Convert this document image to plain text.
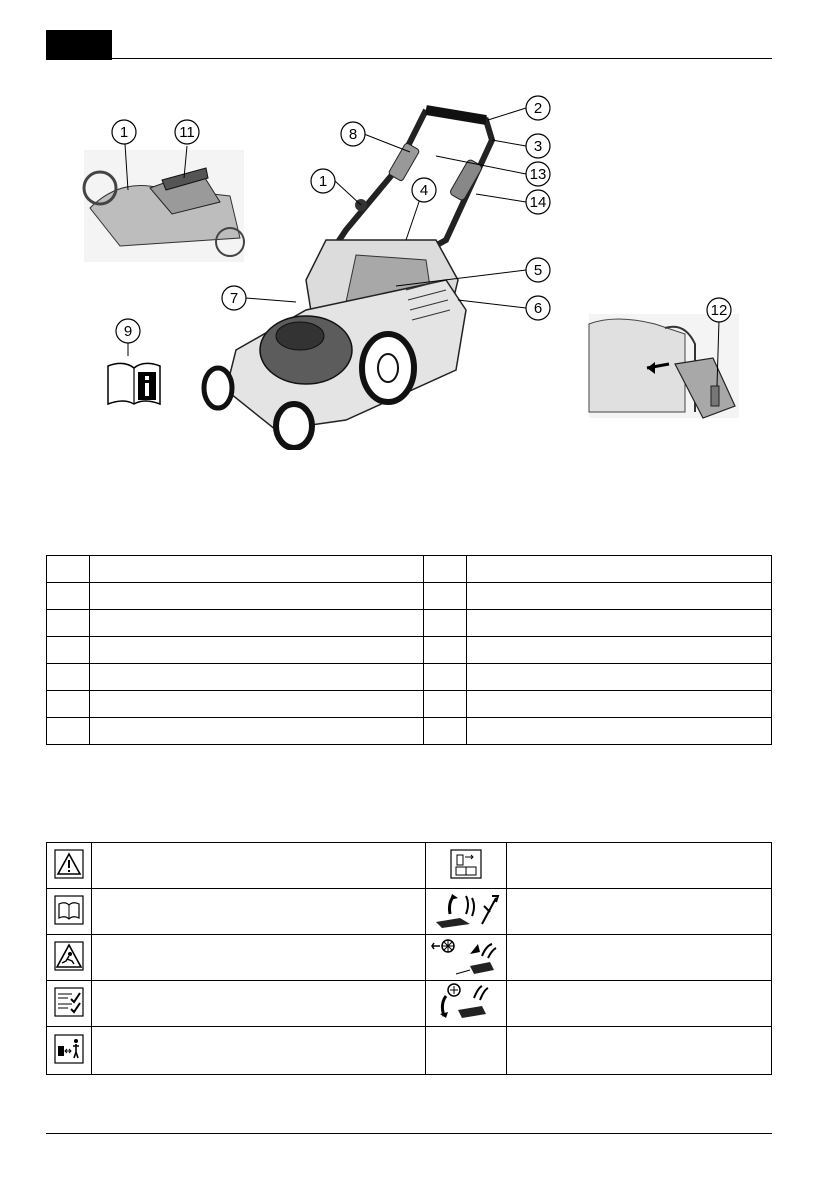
1	11
9
2
3
8
13
14
1
4
5
6
7
12
